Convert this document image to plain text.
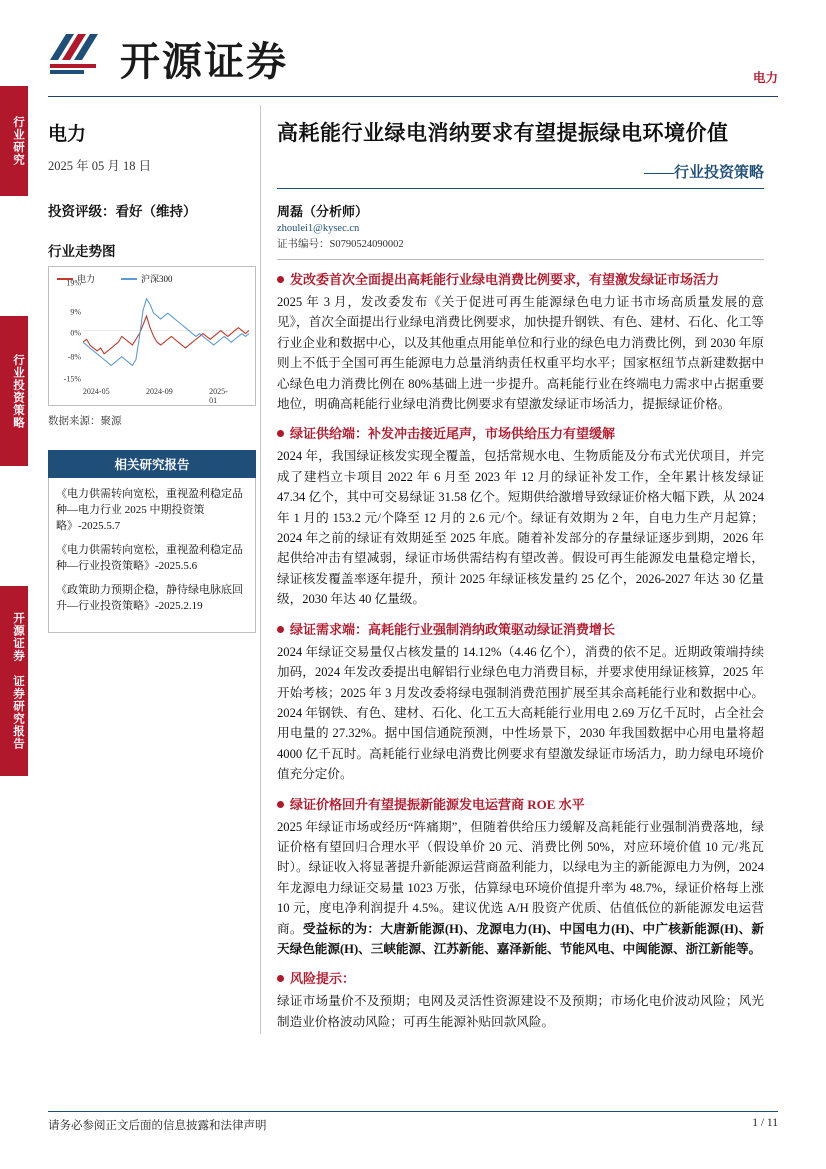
行业研究
行业投资策略
开源证券 证券研究报告
开源证券	电力
电力
2025 年 05 月 18 日
投资评级：看好（维持）
行业走势图
电力	沪深300
19%
9%
0%
-8%
-15%
2024-05	2024-09	2025-01
数据来源：聚源
相关研究报告
《电力供需转向宽松，重视盈利稳定品种—电力行业 2025 中期投资策略》-2025.5.7
《电力供需转向宽松，重视盈利稳定品种—行业投资策略》-2025.5.6
《政策助力预期企稳，静待绿电脉底回升—行业投资策略》-2025.2.19
高耗能行业绿电消纳要求有望提振绿电环境价值
——行业投资策略
周磊（分析师）
zhoulei1@kysec.cn
证书编号：S0790524090002
发改委首次全面提出高耗能行业绿电消费比例要求，有望激发绿证市场活力

2025 年 3 月，发改委发布《关于促进可再生能源绿色电力证书市场高质量发展的意见》，首次全面提出行业绿电消费比例要求，加快提升钢铁、有色、建材、石化、化工等行业企业和数据中心，以及其他重点用能单位和行业的绿色电力消费比例，到 2030 年原则上不低于全国可再生能源电力总量消纳责任权重平均水平；国家枢纽节点新建数据中心绿色电力消费比例在 80%基础上进一步提升。高耗能行业在终端电力需求中占据重要地位，明确高耗能行业绿电消费比例要求有望激发绿证市场活力，提振绿证价格。

绿证供给端：补发冲击接近尾声，市场供给压力有望缓解

2024 年，我国绿证核发实现全覆盖，包括常规水电、生物质能及分布式光伏项目，并完成了建档立卡项目 2022 年 6 月至 2023 年 12 月的绿证补发工作，全年累计核发绿证 47.34 亿个，其中可交易绿证 31.58 亿个。短期供给激增导致绿证价格大幅下跌，从 2024 年 1 月的 153.2 元/个降至 12 月的 2.6 元/个。绿证有效期为 2 年，自电力生产月起算；2024 年之前的绿证有效期延至 2025 年底。随着补发部分的存量绿证逐步到期，2026 年起供给冲击有望减弱，绿证市场供需结构有望改善。假设可再生能源发电量稳定增长，绿证核发覆盖率逐年提升，预计 2025 年绿证核发量约 25 亿个，2026-2027 年达 30 亿量级，2030 年达 40 亿量级。

绿证需求端：高耗能行业强制消纳政策驱动绿证消费增长

2024 年绿证交易量仅占核发量的 14.12%（4.46 亿个），消费的依不足。近期政策端持续加码，2024 年发改委提出电解铝行业绿色电力消费目标，并要求使用绿证核算，2025 年开始考核；2025 年 3 月发改委将绿电强制消费范围扩展至其余高耗能行业和数据中心。2024 年钢铁、有色、建材、石化、化工五大高耗能行业用电 2.69 万亿千瓦时，占全社会用电量的 27.32%。据中国信通院预测，中性场景下，2030 年我国数据中心用电量将超 4000 亿千瓦时。高耗能行业绿电消费比例要求有望激发绿证市场活力，助力绿电环境价值充分定价。

绿证价格回升有望提振新能源发电运营商 ROE 水平

2025 年绿证市场或经历“阵痛期”，但随着供给压力缓解及高耗能行业强制消费落地，绿证价格有望回归合理水平（假设单价 20 元、消费比例 50%，对应环境价值 10 元/兆瓦时）。绿证收入将显著提升新能源运营商盈利能力，以绿电为主的新能源电力为例，2024 年龙源电力绿证交易量 1023 万张，估算绿电环境价值提升率为 48.7%，绿证价格每上涨 10 元，度电净利润提升 4.5%。建议优选 A/H 股资产优质、估值低位的新能源发电运营商。受益标的为：大唐新能源(H)、龙源电力(H)、中国电力(H)、中广核新能源(H)、新天绿色能源(H)、三峡能源、江苏新能、嘉泽新能、节能风电、中闽能源、浙江新能等。

风险提示：

绿证市场量价不及预期；电网及灵活性资源建设不及预期；市场化电价波动风险；风光制造业价格波动风险；可再生能源补贴回款风险。

请务必参阅正文后面的信息披露和法律声明	1 / 11
